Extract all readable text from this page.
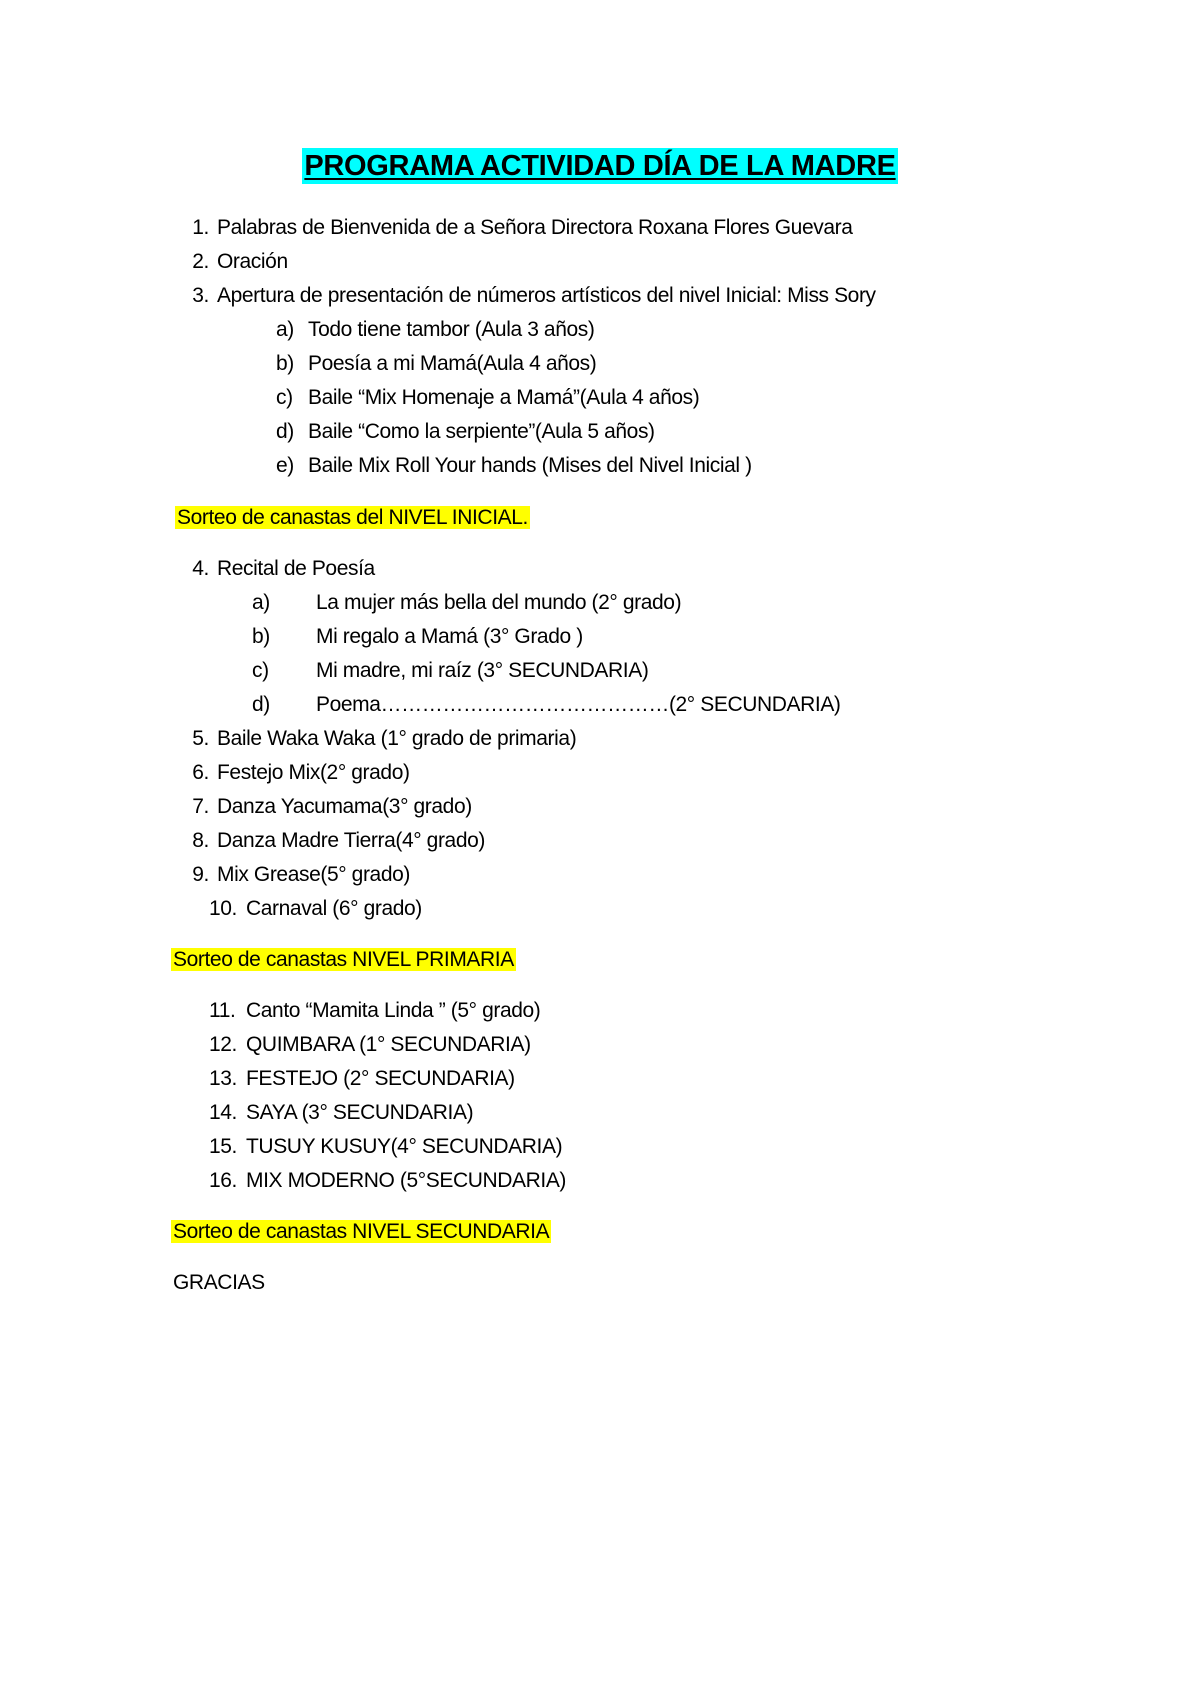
PROGRAMA ACTIVIDAD DÍA DE LA MADRE
1. Palabras de Bienvenida de a Señora Directora Roxana Flores Guevara
2. Oración
3. Apertura de presentación de números artísticos del nivel Inicial: Miss Sory
a) Todo tiene tambor (Aula 3 años)
b) Poesía a mi Mamá(Aula 4 años)
c) Baile “Mix Homenaje a Mamá”(Aula 4 años)
d) Baile “Como la serpiente”(Aula 5 años)
e) Baile Mix Roll Your hands (Mises del Nivel Inicial )
Sorteo de canastas del NIVEL INICIAL.
4. Recital de Poesía
a) La mujer más bella del mundo (2° grado)
b) Mi regalo a Mamá (3° Grado )
c) Mi madre, mi raíz (3° SECUNDARIA)
d) Poema……………………………………(2° SECUNDARIA)
5. Baile Waka Waka (1° grado de primaria)
6. Festejo Mix(2° grado)
7. Danza Yacumama(3° grado)
8. Danza Madre Tierra(4° grado)
9. Mix Grease(5° grado)
10. Carnaval (6° grado)
Sorteo de canastas NIVEL PRIMARIA
11. Canto “Mamita Linda ” (5° grado)
12. QUIMBARA (1° SECUNDARIA)
13. FESTEJO (2° SECUNDARIA)
14. SAYA (3° SECUNDARIA)
15. TUSUY KUSUY(4° SECUNDARIA)
16. MIX MODERNO (5°SECUNDARIA)
Sorteo de canastas NIVEL SECUNDARIA
GRACIAS
